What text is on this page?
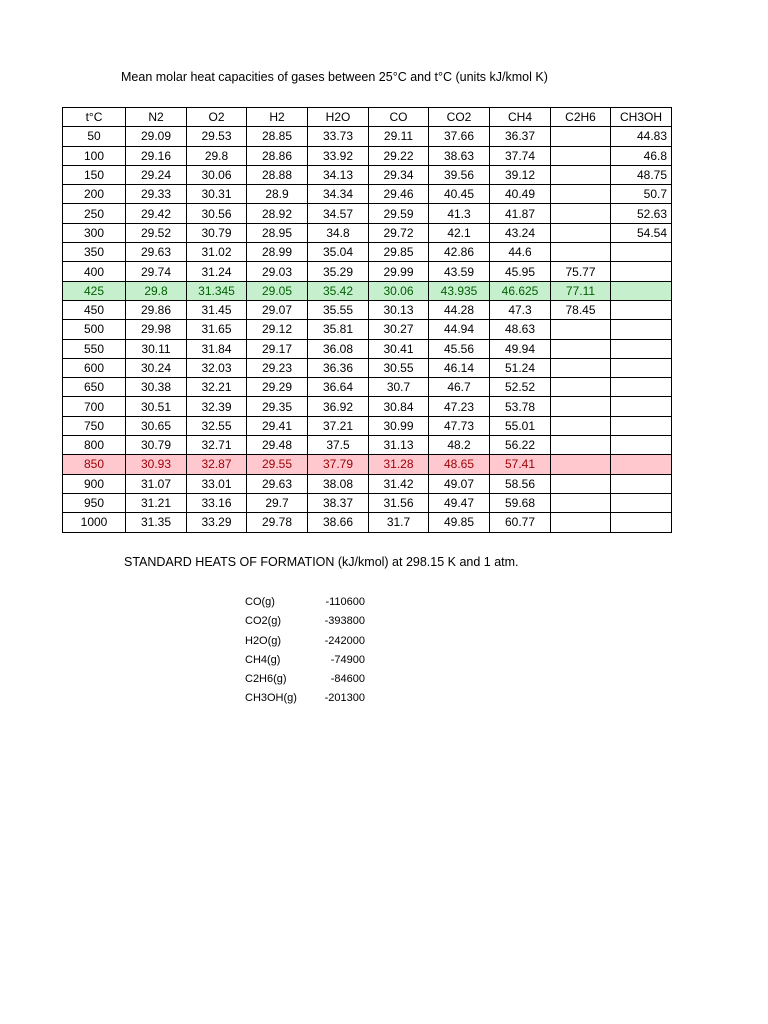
Mean molar heat capacities of gases between 25°C and t°C (units kJ/kmol K)
t°C	N2	O2	H2	H2O	CO	CO2	CH4	C2H6	CH3OH
50	29.09	29.53	28.85	33.73	29.11	37.66	36.37		44.83
100	29.16	29.8	28.86	33.92	29.22	38.63	37.74		46.8
150	29.24	30.06	28.88	34.13	29.34	39.56	39.12		48.75
200	29.33	30.31	28.9	34.34	29.46	40.45	40.49		50.7
250	29.42	30.56	28.92	34.57	29.59	41.3	41.87		52.63
300	29.52	30.79	28.95	34.8	29.72	42.1	43.24		54.54
350	29.63	31.02	28.99	35.04	29.85	42.86	44.6		
400	29.74	31.24	29.03	35.29	29.99	43.59	45.95	75.77	
425	29.8	31.345	29.05	35.42	30.06	43.935	46.625	77.11	
450	29.86	31.45	29.07	35.55	30.13	44.28	47.3	78.45	
500	29.98	31.65	29.12	35.81	30.27	44.94	48.63		
550	30.11	31.84	29.17	36.08	30.41	45.56	49.94		
600	30.24	32.03	29.23	36.36	30.55	46.14	51.24		
650	30.38	32.21	29.29	36.64	30.7	46.7	52.52		
700	30.51	32.39	29.35	36.92	30.84	47.23	53.78		
750	30.65	32.55	29.41	37.21	30.99	47.73	55.01		
800	30.79	32.71	29.48	37.5	31.13	48.2	56.22		
850	30.93	32.87	29.55	37.79	31.28	48.65	57.41		
900	31.07	33.01	29.63	38.08	31.42	49.07	58.56		
950	31.21	33.16	29.7	38.37	31.56	49.47	59.68		
1000	31.35	33.29	29.78	38.66	31.7	49.85	60.77		
STANDARD HEATS OF FORMATION (kJ/kmol) at 298.15 K and 1 atm.
CO(g)	-110600
CO2(g)	-393800
H2O(g)	-242000
CH4(g)	-74900
C2H6(g)	-84600
CH3OH(g)	-201300
